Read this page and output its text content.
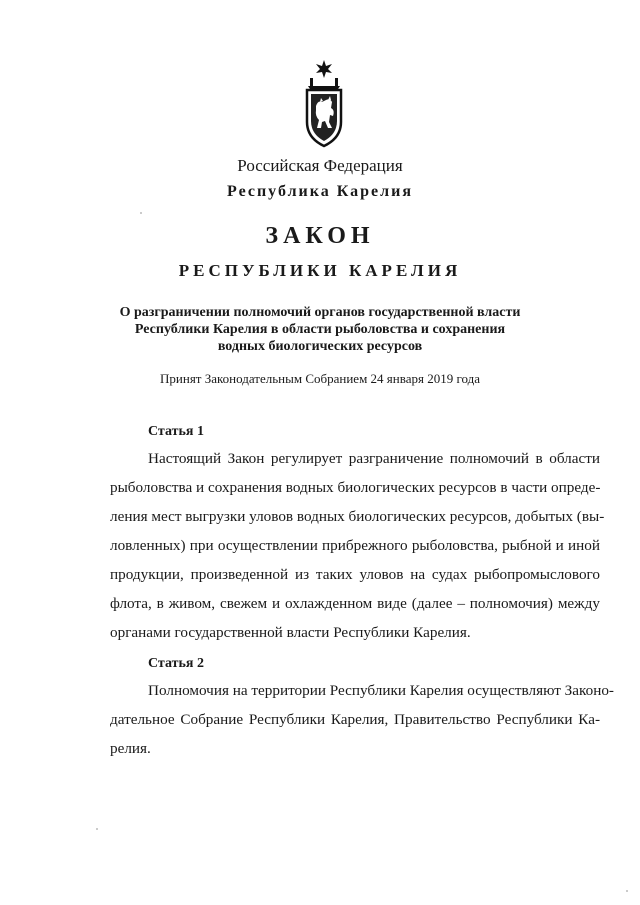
Российская Федерация
Республика Карелия
ЗАКОН
РЕСПУБЛИКИ КАРЕЛИЯ
О разграничении полномочий органов государственной власти
Республики Карелия в области рыболовства и сохранения
водных биологических ресурсов
Принят Законодательным Собранием 24 января 2019 года
Статья 1
Настоящий Закон регулирует разграничение полномочий в области
рыболовства и сохранения водных биологических ресурсов в части опреде-
ления мест выгрузки уловов водных биологических ресурсов, добытых (вы-
ловленных) при осуществлении прибрежного рыболовства, рыбной и иной
продукции, произведенной из таких уловов на судах рыбопромыслового
флота, в живом, свежем и охлажденном виде (далее – полномочия) между
органами государственной власти Республики Карелия.
Статья 2
Полномочия на территории Республики Карелия осуществляют Законо-
дательное Собрание Республики Карелия, Правительство Республики Ка-
релия.
